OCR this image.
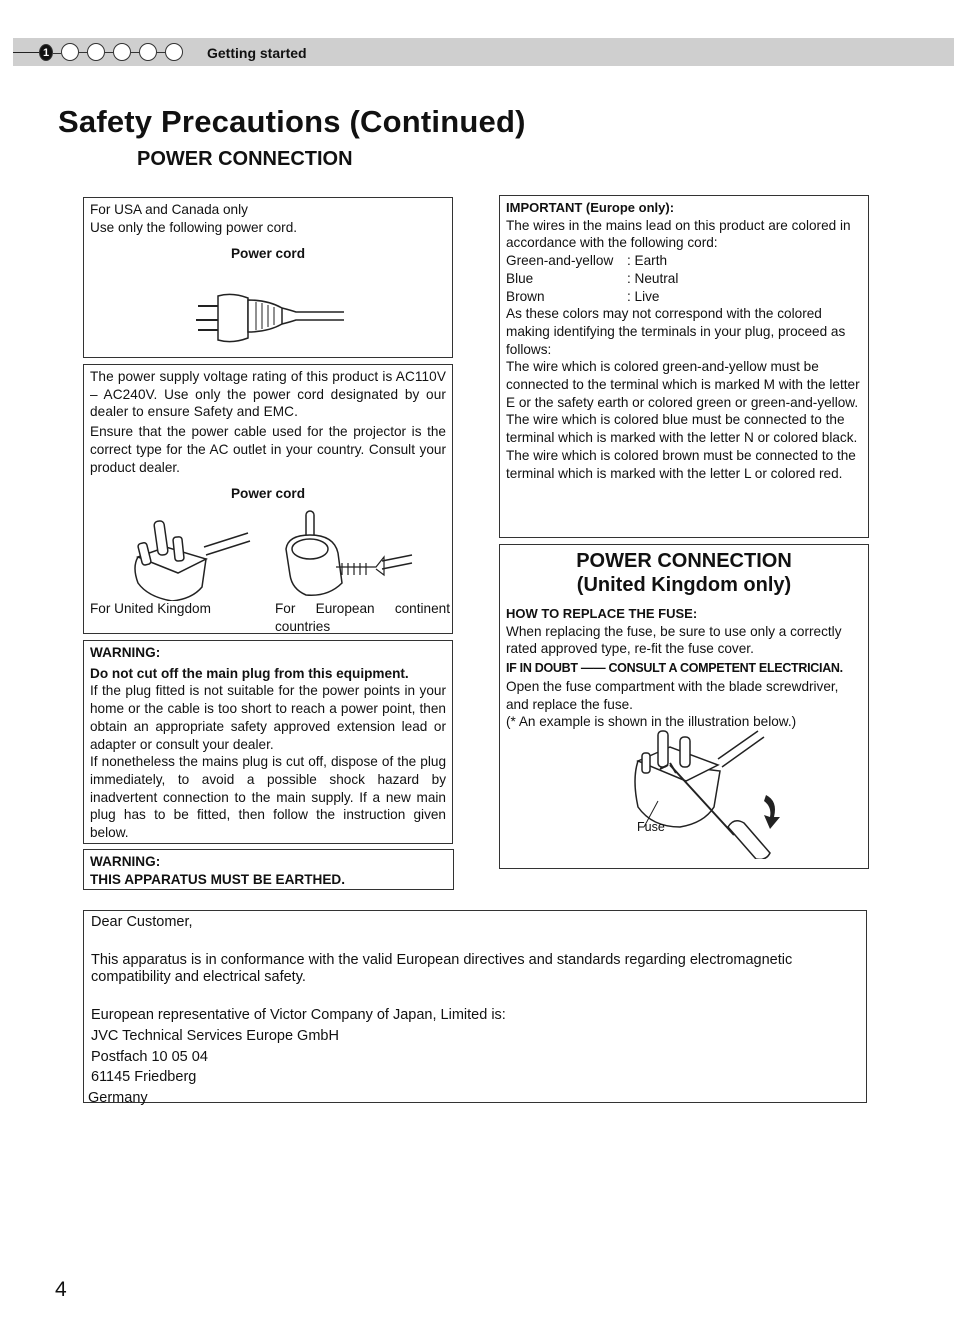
1	Getting started
Safety Precautions (Continued)
POWER CONNECTION

For USA and Canada only

Use only the following power cord.

Power cord

The power supply voltage rating of this product is AC110V – AC240V. Use only the power cord designated by our dealer to ensure Safety and EMC.

Ensure that the power cable used for the projector is the correct type for the AC outlet in your country. Consult your product dealer.

Power cord

For United Kingdom	For European continent countries

WARNING:

Do not cut off the main plug from this equipment.

If the plug fitted is not suitable for the power points in your home or the cable is too short to reach a power point, then obtain an appropriate safety approved extension lead or adapter or consult your dealer.

If nonetheless the mains plug is cut off, dispose of the plug immediately, to avoid a possible shock hazard by inadvertent connection to the main supply. If a new main plug has to be fitted, then follow the instruction given below.

WARNING:

THIS APPARATUS MUST BE EARTHED.

IMPORTANT (Europe only):

The wires in the mains lead on this product are colored in accordance with the following cord:

Green-and-yellow	: Earth
Blue	: Neutral
Brown	: Live

As these colors may not correspond with the colored making identifying the terminals in your plug, proceed as follows:

The wire which is colored green-and-yellow must be connected to the terminal which is marked M with the letter E or the safety earth or colored green or green-and-yellow.

The wire which is colored blue must be connected to the terminal which is marked with the letter N or colored black.

The wire which is colored brown must be connected to the terminal which is marked with the letter L or colored red.

POWER CONNECTION
(United Kingdom only)

HOW TO REPLACE THE FUSE:

When replacing the fuse, be sure to use only a correctly rated approved type, re-fit the fuse cover.

IF IN DOUBT —— CONSULT A COMPETENT ELECTRICIAN.

Open the fuse compartment with the blade screwdriver, and replace the fuse.

(* An example is shown in the illustration below.)

Fuse

Dear Customer,

This apparatus is in conformance with the valid European directives and standards regarding electromagnetic compatibility and electrical safety.

European representative of Victor Company of Japan, Limited is:

JVC Technical Services Europe GmbH

Postfach 10 05 04

61145 Friedberg

Germany

4
